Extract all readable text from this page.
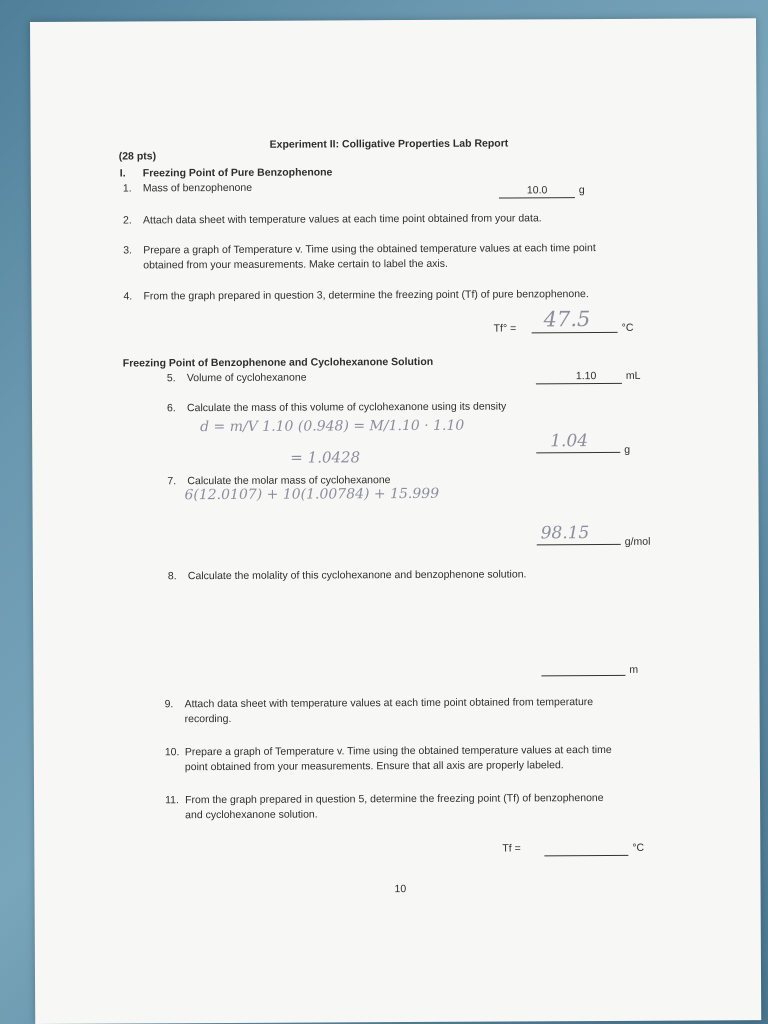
Experiment II: Colligative Properties Lab Report
(28 pts)
I. Freezing Point of Pure Benzophenone
1. Mass of benzophenone	10.0	g
2. Attach data sheet with temperature values at each time point obtained from your data.
3. Prepare a graph of Temperature v. Time using the obtained temperature values at each time point
obtained from your measurements. Make certain to label the axis.
4. From the graph prepared in question 3, determine the freezing point (Tf) of pure benzophenone.
Tf° = 47.5	°C
Freezing Point of Benzophenone and Cyclohexanone Solution
5. Volume of cyclohexanone	1.10	mL
6. Calculate the mass of this volume of cyclohexanone using its density
d = m/V 1.10 (0.948) = M/1.10 · 1.10
= 1.0428
1.04	g
7. Calculate the molar mass of cyclohexanone
6(12.0107) + 10(1.00784) + 15.999
98.15	g/mol
8. Calculate the molality of this cyclohexanone and benzophenone solution.
m
9. Attach data sheet with temperature values at each time point obtained from temperature
recording.
10. Prepare a graph of Temperature v. Time using the obtained temperature values at each time
point obtained from your measurements. Ensure that all axis are properly labeled.
11. From the graph prepared in question 5, determine the freezing point (Tf) of benzophenone
and cyclohexanone solution.
Tf =	°C
10
